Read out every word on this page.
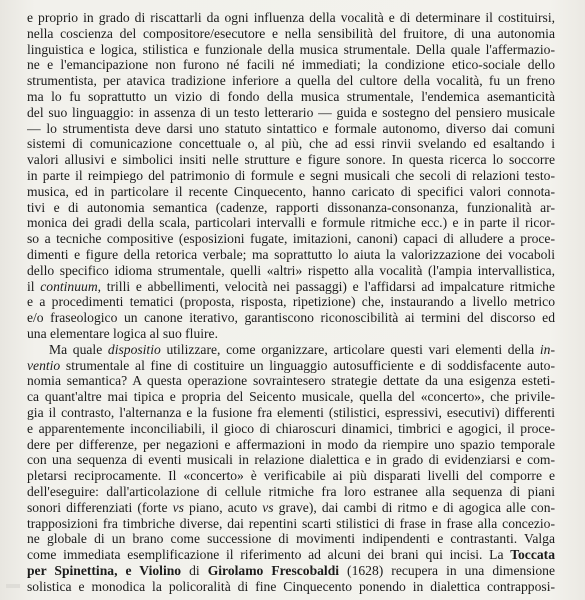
e proprio in grado di riscattarli da ogni influenza della vocalità e di determinare il costituirsi,
nella coscienza del compositore/esecutore e nella sensibilità del fruitore, di una autonomia
linguistica e logica, stilistica e funzionale della musica strumentale. Della quale l'affermazio-
ne e l'emancipazione non furono né facili né immediati; la condizione etico-sociale dello
strumentista, per atavica tradizione inferiore a quella del cultore della vocalità, fu un freno
ma lo fu soprattutto un vizio di fondo della musica strumentale, l'endemica asemanticità
del suo linguaggio: in assenza di un testo letterario — guida e sostegno del pensiero musicale
— lo strumentista deve darsi uno statuto sintattico e formale autonomo, diverso dai comuni
sistemi di comunicazione concettuale o, al più, che ad essi rinvii svelando ed esaltando i
valori allusivi e simbolici insiti nelle strutture e figure sonore. In questa ricerca lo soccorre
in parte il reimpiego del patrimonio di formule e segni musicali che secoli di relazioni testo-
musica, ed in particolare il recente Cinquecento, hanno caricato di specifici valori connota-
tivi e di autonomia semantica (cadenze, rapporti dissonanza-consonanza, funzionalità ar-
monica dei gradi della scala, particolari intervalli e formule ritmiche ecc.) e in parte il ricor-
so a tecniche compositive (esposizioni fugate, imitazioni, canoni) capaci di alludere a proce-
dimenti e figure della retorica verbale; ma soprattutto lo aiuta la valorizzazione dei vocaboli
dello specifico idioma strumentale, quelli «altri» rispetto alla vocalità (l'ampia intervallistica,
il continuum, trilli e abbellimenti, velocità nei passaggi) e l'affidarsi ad impalcature ritmiche
e a procedimenti tematici (proposta, risposta, ripetizione) che, instaurando a livello metrico
e/o fraseologico un canone iterativo, garantiscono riconoscibilità ai termini del discorso ed
una elementare logica al suo fluire.
Ma quale dispositio utilizzare, come organizzare, articolare questi vari elementi della in-
ventio strumentale al fine di costituire un linguaggio autosufficiente e di soddisfacente auto-
nomia semantica? A questa operazione sovraintesero strategie dettate da una esigenza esteti-
ca quant'altre mai tipica e propria del Seicento musicale, quella del «concerto», che privile-
gia il contrasto, l'alternanza e la fusione fra elementi (stilistici, espressivi, esecutivi) differenti
e apparentemente inconciliabili, il gioco di chiaroscuri dinamici, timbrici e agogici, il proce-
dere per differenze, per negazioni e affermazioni in modo da riempire uno spazio temporale
con una sequenza di eventi musicali in relazione dialettica e in grado di evidenziarsi e com-
pletarsi reciprocamente. Il «concerto» è verificabile ai più disparati livelli del comporre e
dell'eseguire: dall'articolazione di cellule ritmiche fra loro estranee alla sequenza di piani
sonori differenziati (forte vs piano, acuto vs grave), dai cambi di ritmo e di agogica alle con-
trapposizioni fra timbriche diverse, dai repentini scarti stilistici di frase in frase alla concezio-
ne globale di un brano come successione di movimenti indipendenti e contrastanti. Valga
come immediata esemplificazione il riferimento ad alcuni dei brani qui incisi. La Toccata
per Spinettina, e Violino di Girolamo Frescobaldi (1628) recupera in una dimensione
solistica e monodica la policoralità di fine Cinquecento ponendo in dialettica contrapposi-
